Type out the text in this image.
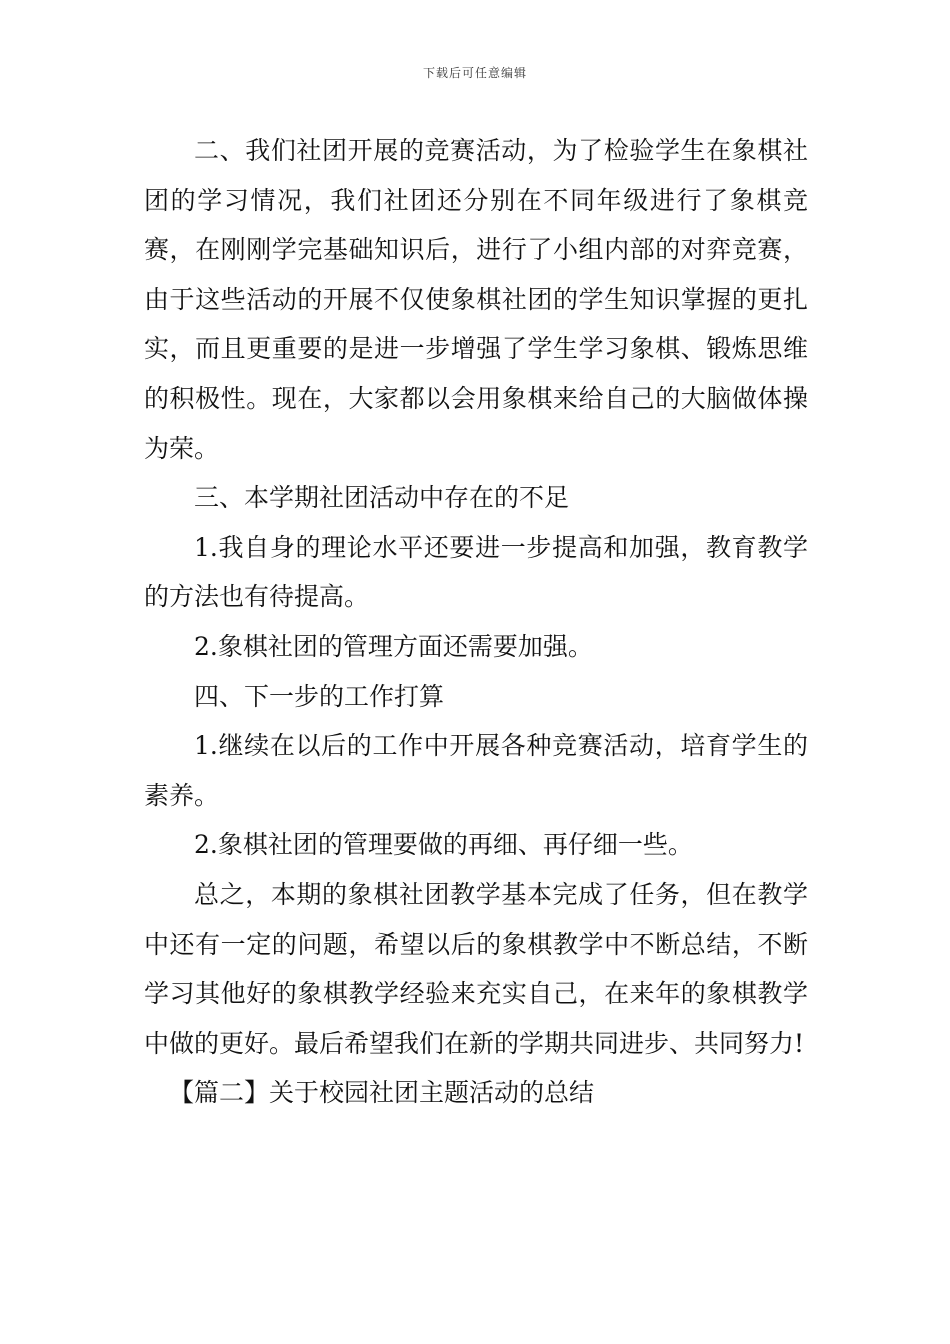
下载后可任意编辑

二、我们社团开展的竞赛活动，为了检验学生在象棋社团的学习情况，我们社团还分别在不同年级进行了象棋竞赛，在刚刚学完基础知识后，进行了小组内部的对弈竞赛，由于这些活动的开展不仅使象棋社团的学生知识掌握的更扎实，而且更重要的是进一步增强了学生学习象棋、锻炼思维的积极性。现在，大家都以会用象棋来给自己的大脑做体操为荣。

三、本学期社团活动中存在的不足

1.我自身的理论水平还要进一步提高和加强，教育教学的方法也有待提高。

2.象棋社团的管理方面还需要加强。

四、下一步的工作打算

1.继续在以后的工作中开展各种竞赛活动，培育学生的素养。

2.象棋社团的管理要做的再细、再仔细一些。

总之，本期的象棋社团教学基本完成了任务，但在教学中还有一定的问题，希望以后的象棋教学中不断总结，不断学习其他好的象棋教学经验来充实自己，在来年的象棋教学中做的更好。最后希望我们在新的学期共同进步、共同努力!

【篇二】关于校园社团主题活动的总结
